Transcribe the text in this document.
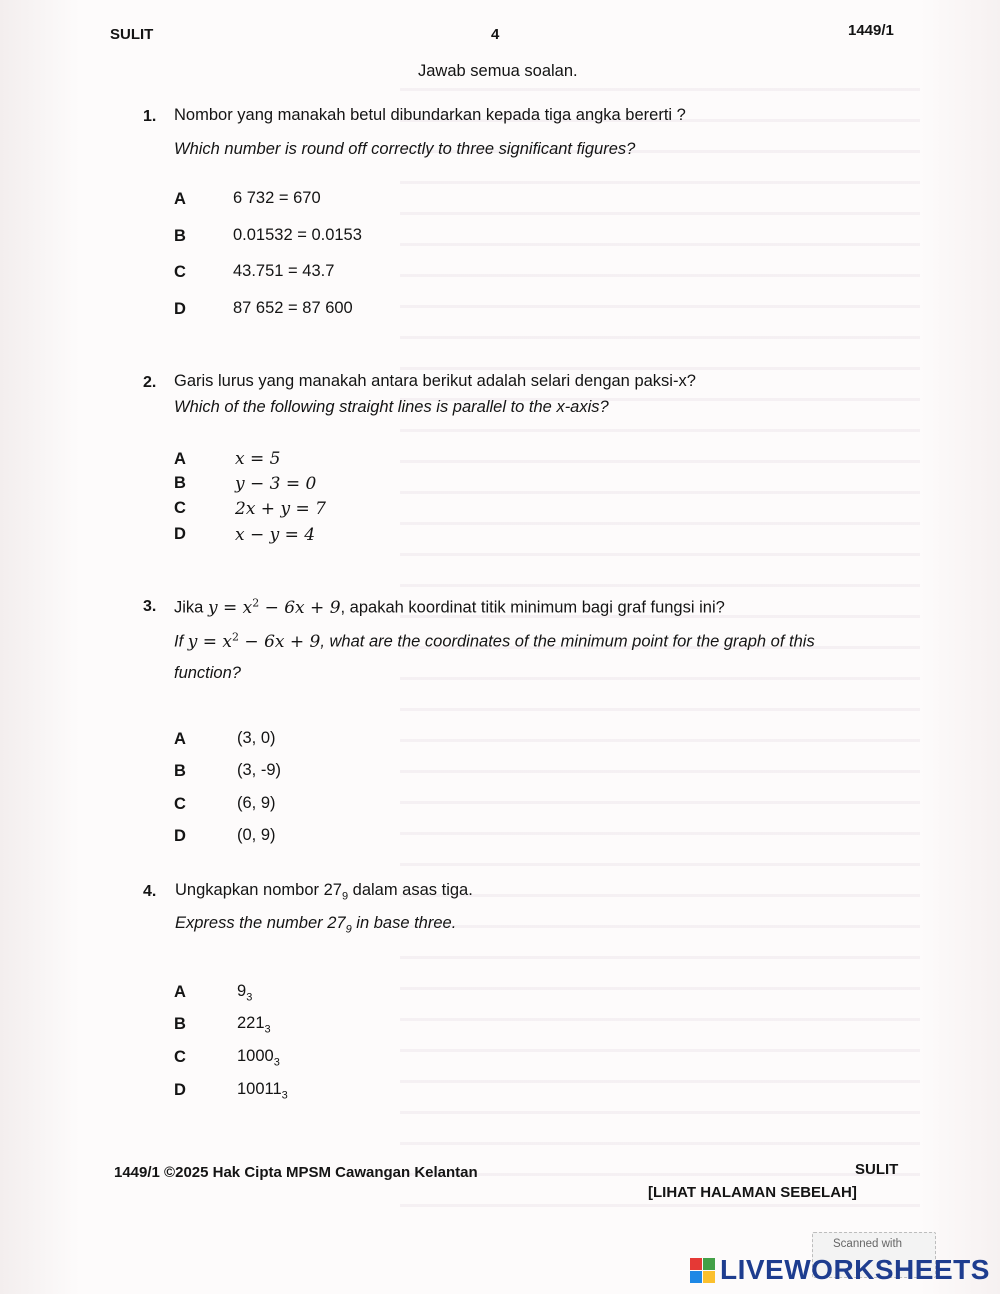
SULIT	4	1449/1
Jawab semua soalan.
1. Nombor yang manakah betul dibundarkan kepada tiga angka bererti ?
Which number is round off correctly to three significant figures?
A	6 732 = 670
B	0.01532 = 0.0153
C	43.751 = 43.7
D	87 652 = 87 600
2. Garis lurus yang manakah antara berikut adalah selari dengan paksi-x?
Which of the following straight lines is parallel to the x-axis?
A	x = 5
B	y − 3 = 0
C	2x + y = 7
D	x − y = 4
3. Jika $y = x^2 - 6x + 9$, apakah koordinat titik minimum bagi graf fungsi ini?
If $y = x^2 - 6x + 9$, what are the coordinates of the minimum point for the graph of this
function?
A	(3, 0)
B	(3, -9)
C	(6, 9)
D	(0, 9)
4. Ungkapkan nombor $27_9$ dalam asas tiga.
Express the number $27_9$ in base three.
A	$9_3$
B	$221_3$
C	$1000_3$
D	$10011_3$
1449/1 ©2025 Hak Cipta MPSM Cawangan Kelantan	SULIT
[LIHAT HALAMAN SEBELAH]
Scanned with
LIVEWORKSHEETS
